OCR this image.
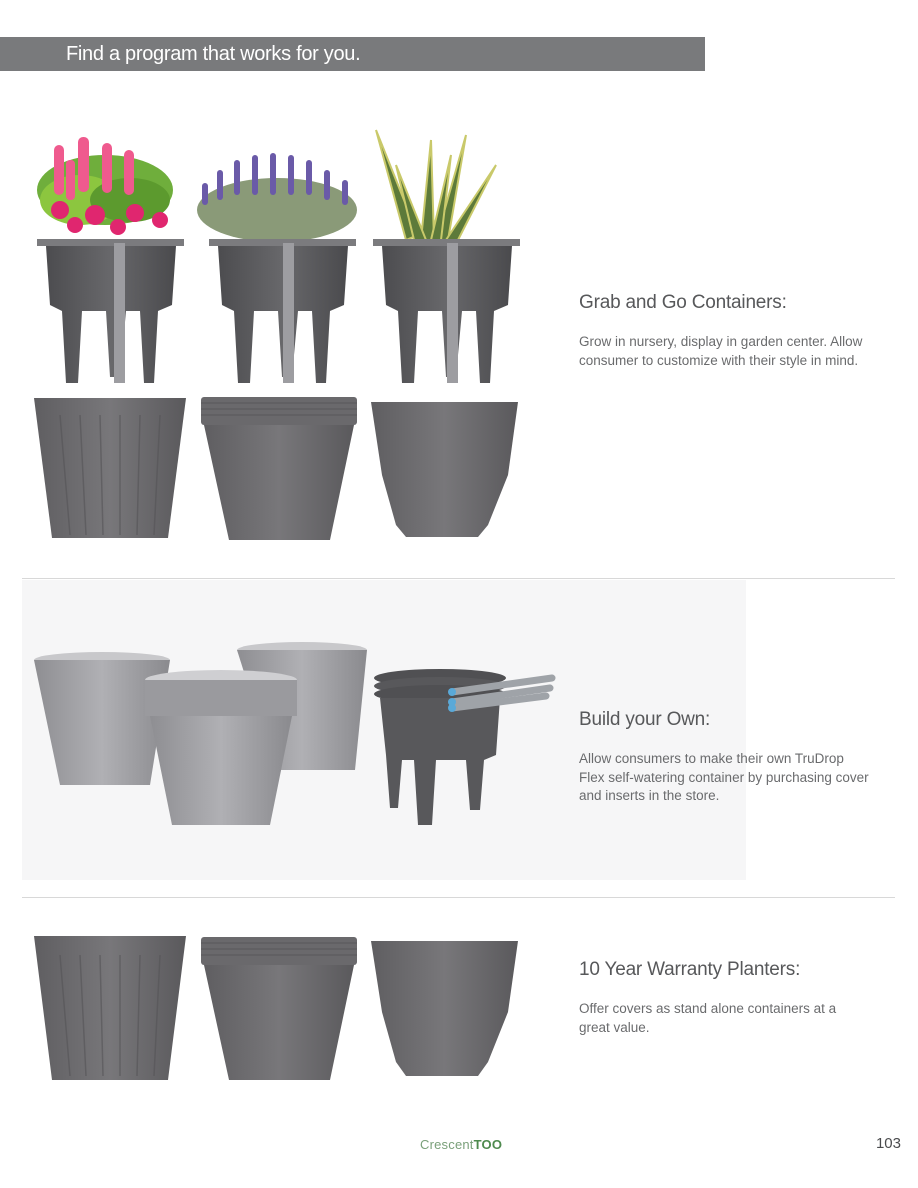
Find a program that works for you.
Grab and Go Containers:

Grow in nursery, display in garden center. Allow consumer to customize with their style in mind.

Build your Own:

Allow consumers to make their own TruDrop Flex self-watering container by purchasing cover and inserts in the store.

10 Year Warranty Planters:

Offer covers as stand alone containers at a great value.

CrescentTOO	103
